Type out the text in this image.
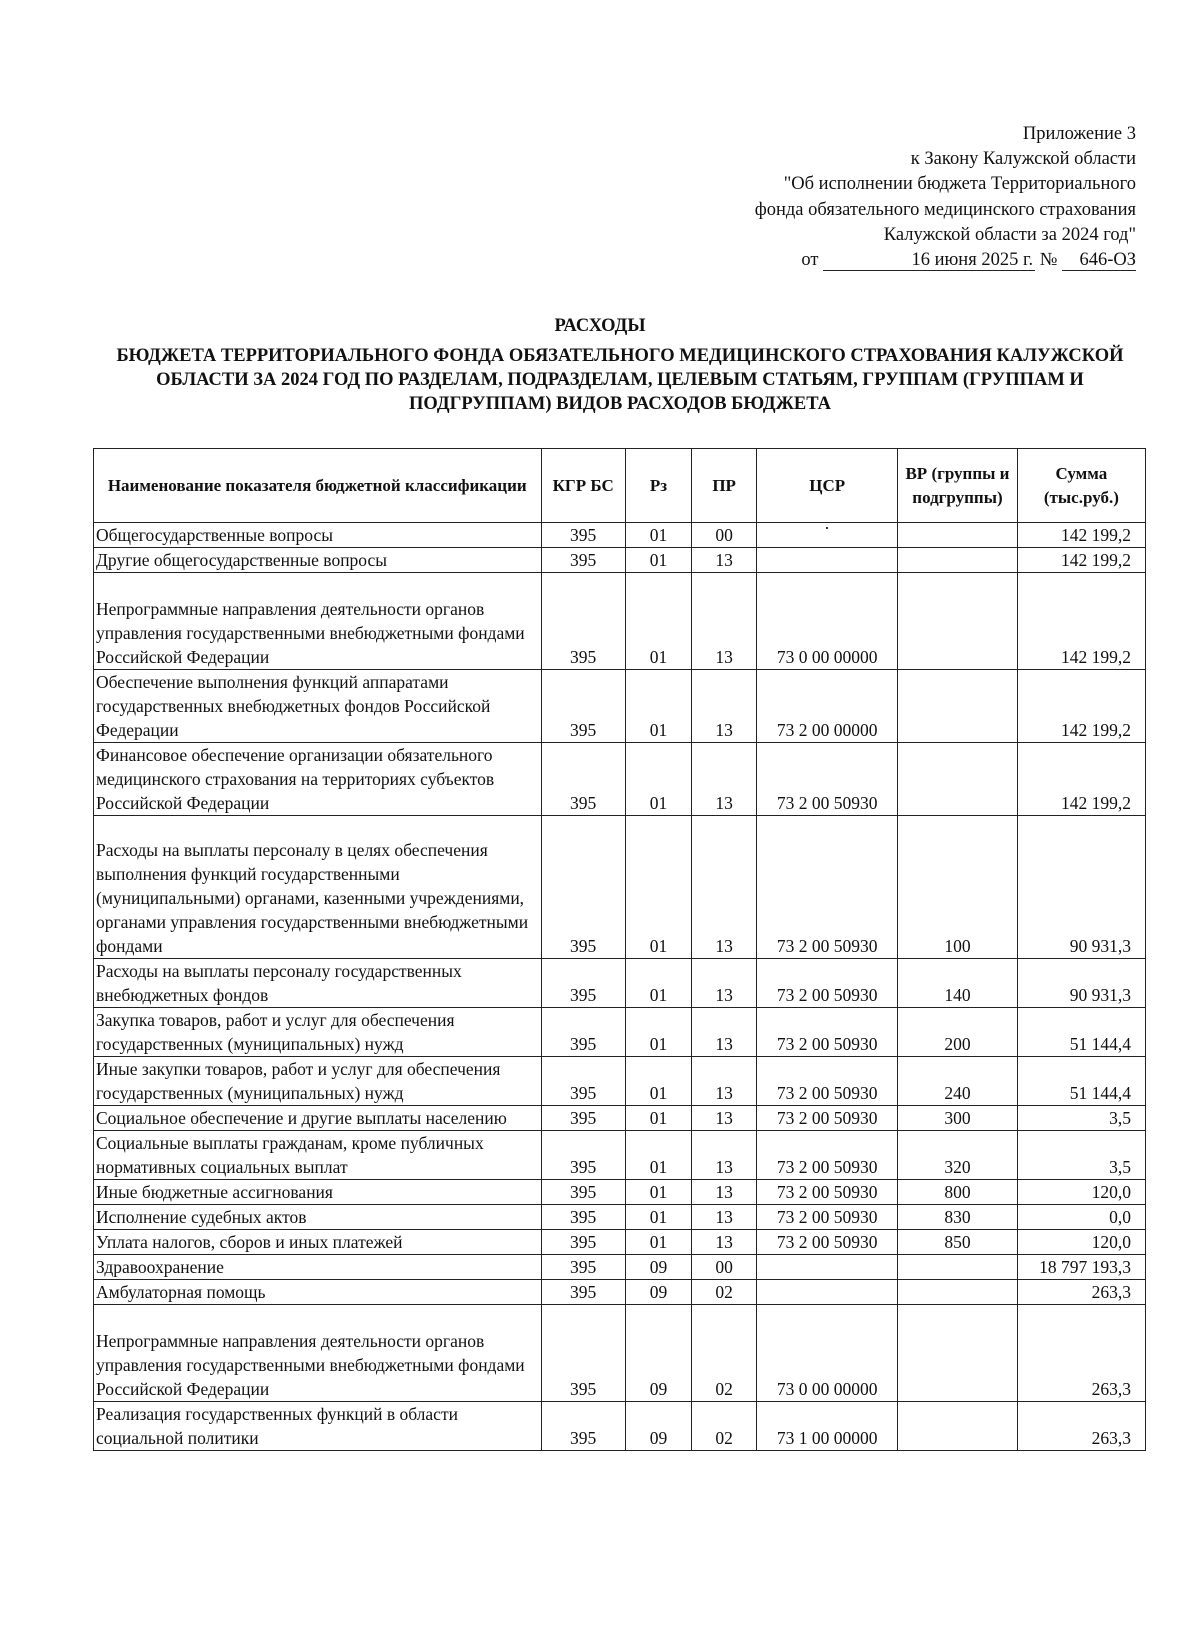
Приложение 3
к Закону Калужской области
"Об исполнении бюджета Территориального
фонда обязательного медицинского страхования
Калужской области за 2024 год"
от	16 июня 2025 г. № 646-ОЗ
РАСХОДЫ
БЮДЖЕТА ТЕРРИТОРИАЛЬНОГО ФОНДА ОБЯЗАТЕЛЬНОГО МЕДИЦИНСКОГО СТРАХОВАНИЯ КАЛУЖСКОЙ ОБЛАСТИ ЗА 2024 ГОД ПО РАЗДЕЛАМ, ПОДРАЗДЕЛАМ, ЦЕЛЕВЫМ СТАТЬЯМ, ГРУППАМ (ГРУППАМ И ПОДГРУППАМ) ВИДОВ РАСХОДОВ БЮДЖЕТА
Наименование показателя бюджетной классификации	КГР БС	Рз	ПР	ЦСР	ВР (группы и подгруппы)	Сумма (тыс.руб.)
Общегосударственные вопросы	395	01	00			142 199,2
Другие общегосударственные вопросы	395	01	13			142 199,2
Непрограммные направления деятельности органов управления государственными внебюджетными фондами Российской Федерации	395	01	13	73 0 00 00000		142 199,2
Обеспечение выполнения функций аппаратами государственных внебюджетных фондов Российской Федерации	395	01	13	73 2 00 00000		142 199,2
Финансовое обеспечение организации обязательного медицинского страхования на территориях субъектов Российской Федерации	395	01	13	73 2 00 50930		142 199,2
Расходы на выплаты персоналу в целях обеспечения выполнения функций государственными (муниципальными) органами, казенными учреждениями, органами управления государственными внебюджетными фондами	395	01	13	73 2 00 50930	100	90 931,3
Расходы на выплаты персоналу государственных внебюджетных фондов	395	01	13	73 2 00 50930	140	90 931,3
Закупка товаров, работ и услуг для обеспечения государственных (муниципальных) нужд	395	01	13	73 2 00 50930	200	51 144,4
Иные закупки товаров, работ и услуг для обеспечения государственных (муниципальных) нужд	395	01	13	73 2 00 50930	240	51 144,4
Социальное обеспечение и другие выплаты населению	395	01	13	73 2 00 50930	300	3,5
Социальные выплаты гражданам, кроме публичных нормативных социальных выплат	395	01	13	73 2 00 50930	320	3,5
Иные бюджетные ассигнования	395	01	13	73 2 00 50930	800	120,0
Исполнение судебных актов	395	01	13	73 2 00 50930	830	0,0
Уплата налогов, сборов и иных платежей	395	01	13	73 2 00 50930	850	120,0
Здравоохранение	395	09	00			18 797 193,3
Амбулаторная помощь	395	09	02			263,3
Непрограммные направления деятельности органов управления государственными внебюджетными фондами Российской Федерации	395	09	02	73 0 00 00000		263,3
Реализация государственных функций в области социальной политики	395	09	02	73 1 00 00000		263,3
